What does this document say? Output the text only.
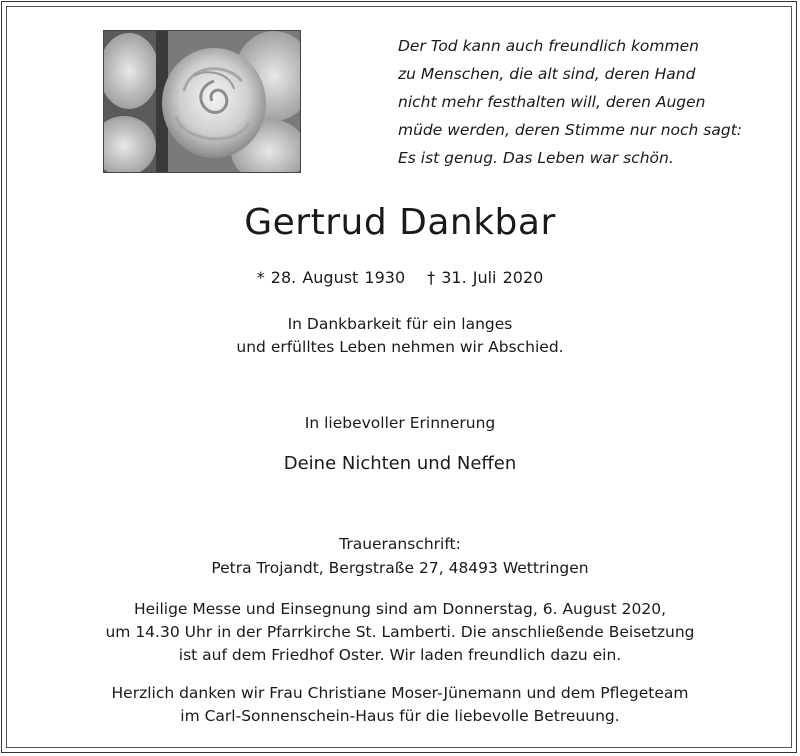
Der Tod kann auch freundlich kommen
zu Menschen, die alt sind, deren Hand
nicht mehr festhalten will, deren Augen
müde werden, deren Stimme nur noch sagt:
Es ist genug. Das Leben war schön.
Gertrud Dankbar
* 28. August 1930 † 31. Juli 2020
In Dankbarkeit für ein langes
und erfülltes Leben nehmen wir Abschied.
In liebevoller Erinnerung
Deine Nichten und Neffen
Traueranschrift:
Petra Trojandt, Bergstraße 27, 48493 Wettringen
Heilige Messe und Einsegnung sind am Donnerstag, 6. August 2020,
um 14.30 Uhr in der Pfarrkirche St. Lamberti. Die anschließende Beisetzung
ist auf dem Friedhof Oster. Wir laden freundlich dazu ein.
Herzlich danken wir Frau Christiane Moser-Jünemann und dem Pflegeteam
im Carl-Sonnenschein-Haus für die liebevolle Betreuung.
